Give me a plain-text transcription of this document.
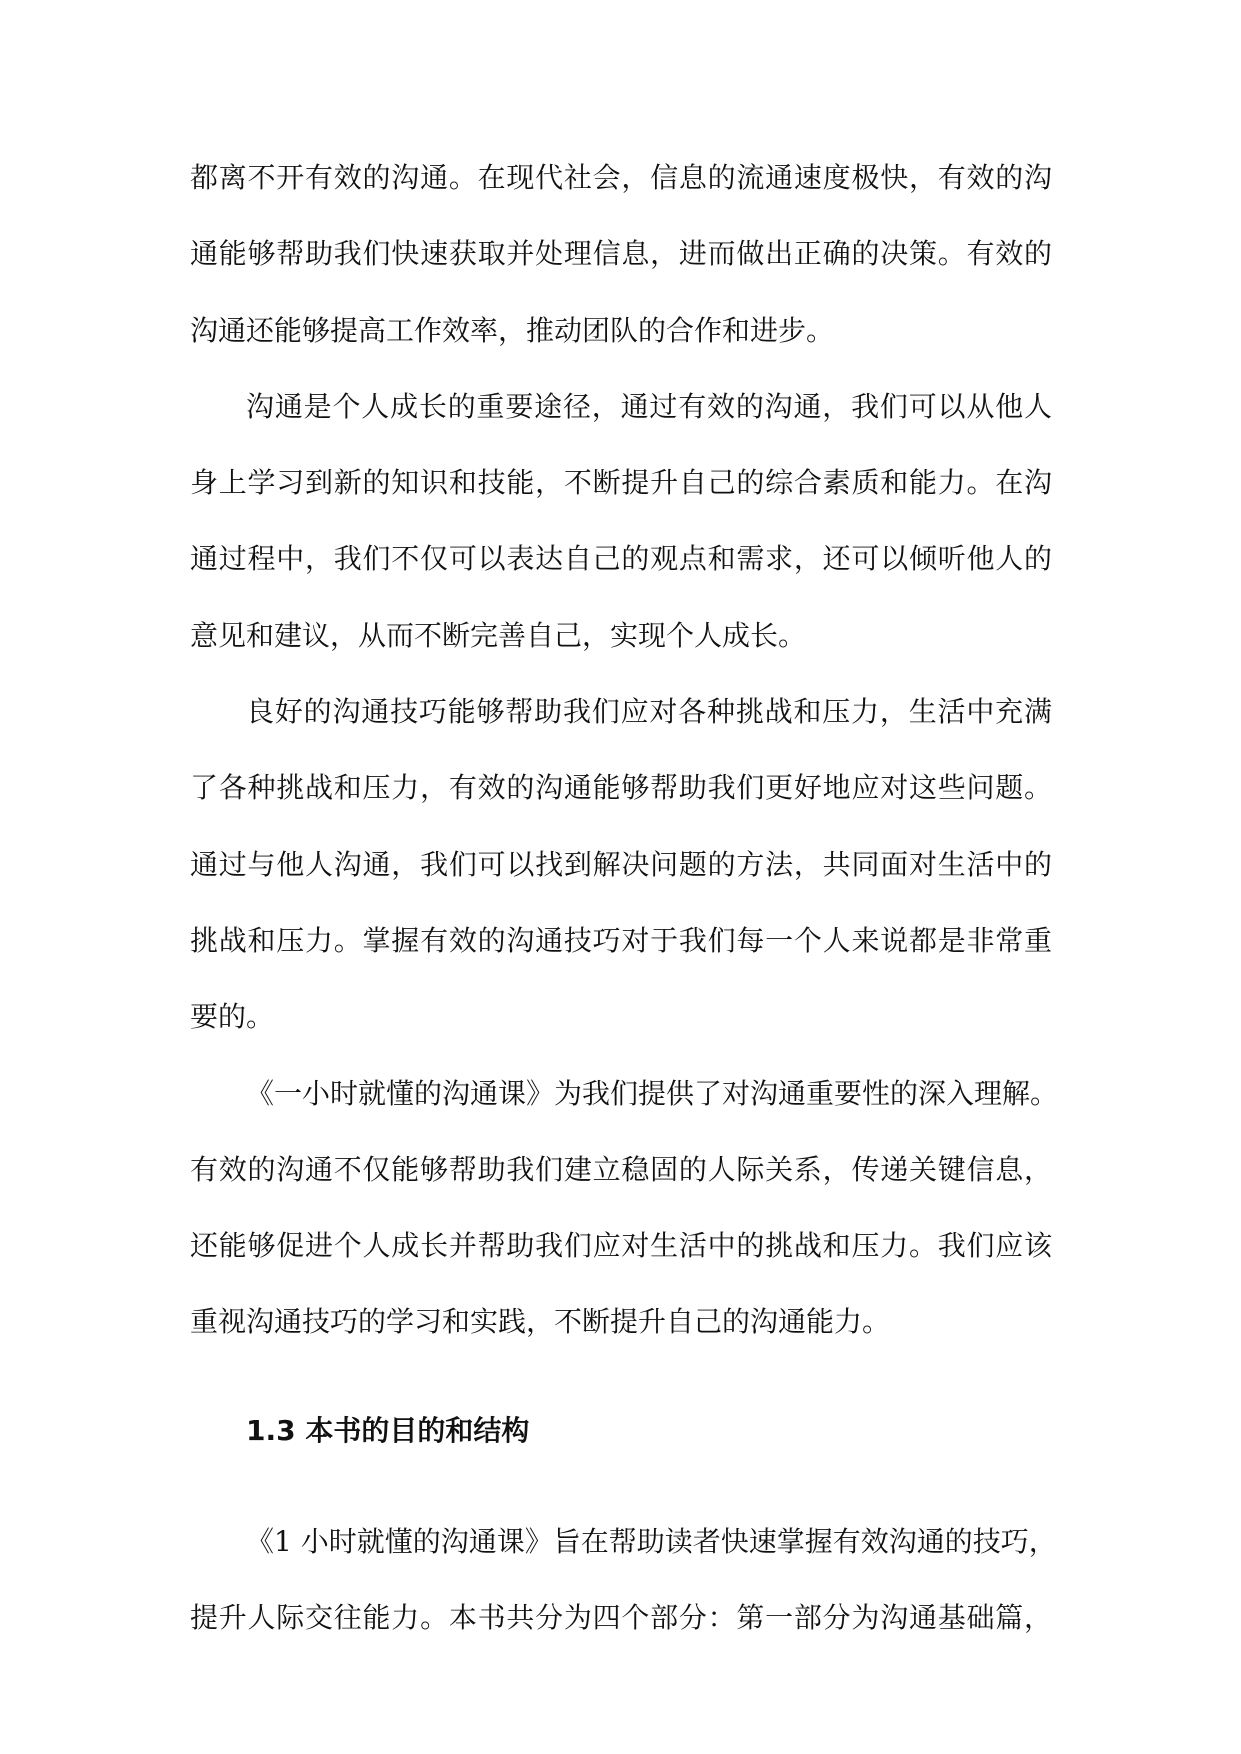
都离不开有效的沟通。在现代社会，信息的流通速度极快，有效的沟
通能够帮助我们快速获取并处理信息，进而做出正确的决策。有效的
沟通还能够提高工作效率，推动团队的合作和进步。
沟通是个人成长的重要途径，通过有效的沟通，我们可以从他人
身上学习到新的知识和技能，不断提升自己的综合素质和能力。在沟
通过程中，我们不仅可以表达自己的观点和需求，还可以倾听他人的
意见和建议，从而不断完善自己，实现个人成长。
良好的沟通技巧能够帮助我们应对各种挑战和压力，生活中充满
了各种挑战和压力，有效的沟通能够帮助我们更好地应对这些问题。
通过与他人沟通，我们可以找到解决问题的方法，共同面对生活中的
挑战和压力。掌握有效的沟通技巧对于我们每一个人来说都是非常重
要的。
《一小时就懂的沟通课》为我们提供了对沟通重要性的深入理解。
有效的沟通不仅能够帮助我们建立稳固的人际关系，传递关键信息，
还能够促进个人成长并帮助我们应对生活中的挑战和压力。我们应该
重视沟通技巧的学习和实践，不断提升自己的沟通能力。
1.3 本书的目的和结构
《1 小时就懂的沟通课》旨在帮助读者快速掌握有效沟通的技巧，
提升人际交往能力。本书共分为四个部分：第一部分为沟通基础篇，
